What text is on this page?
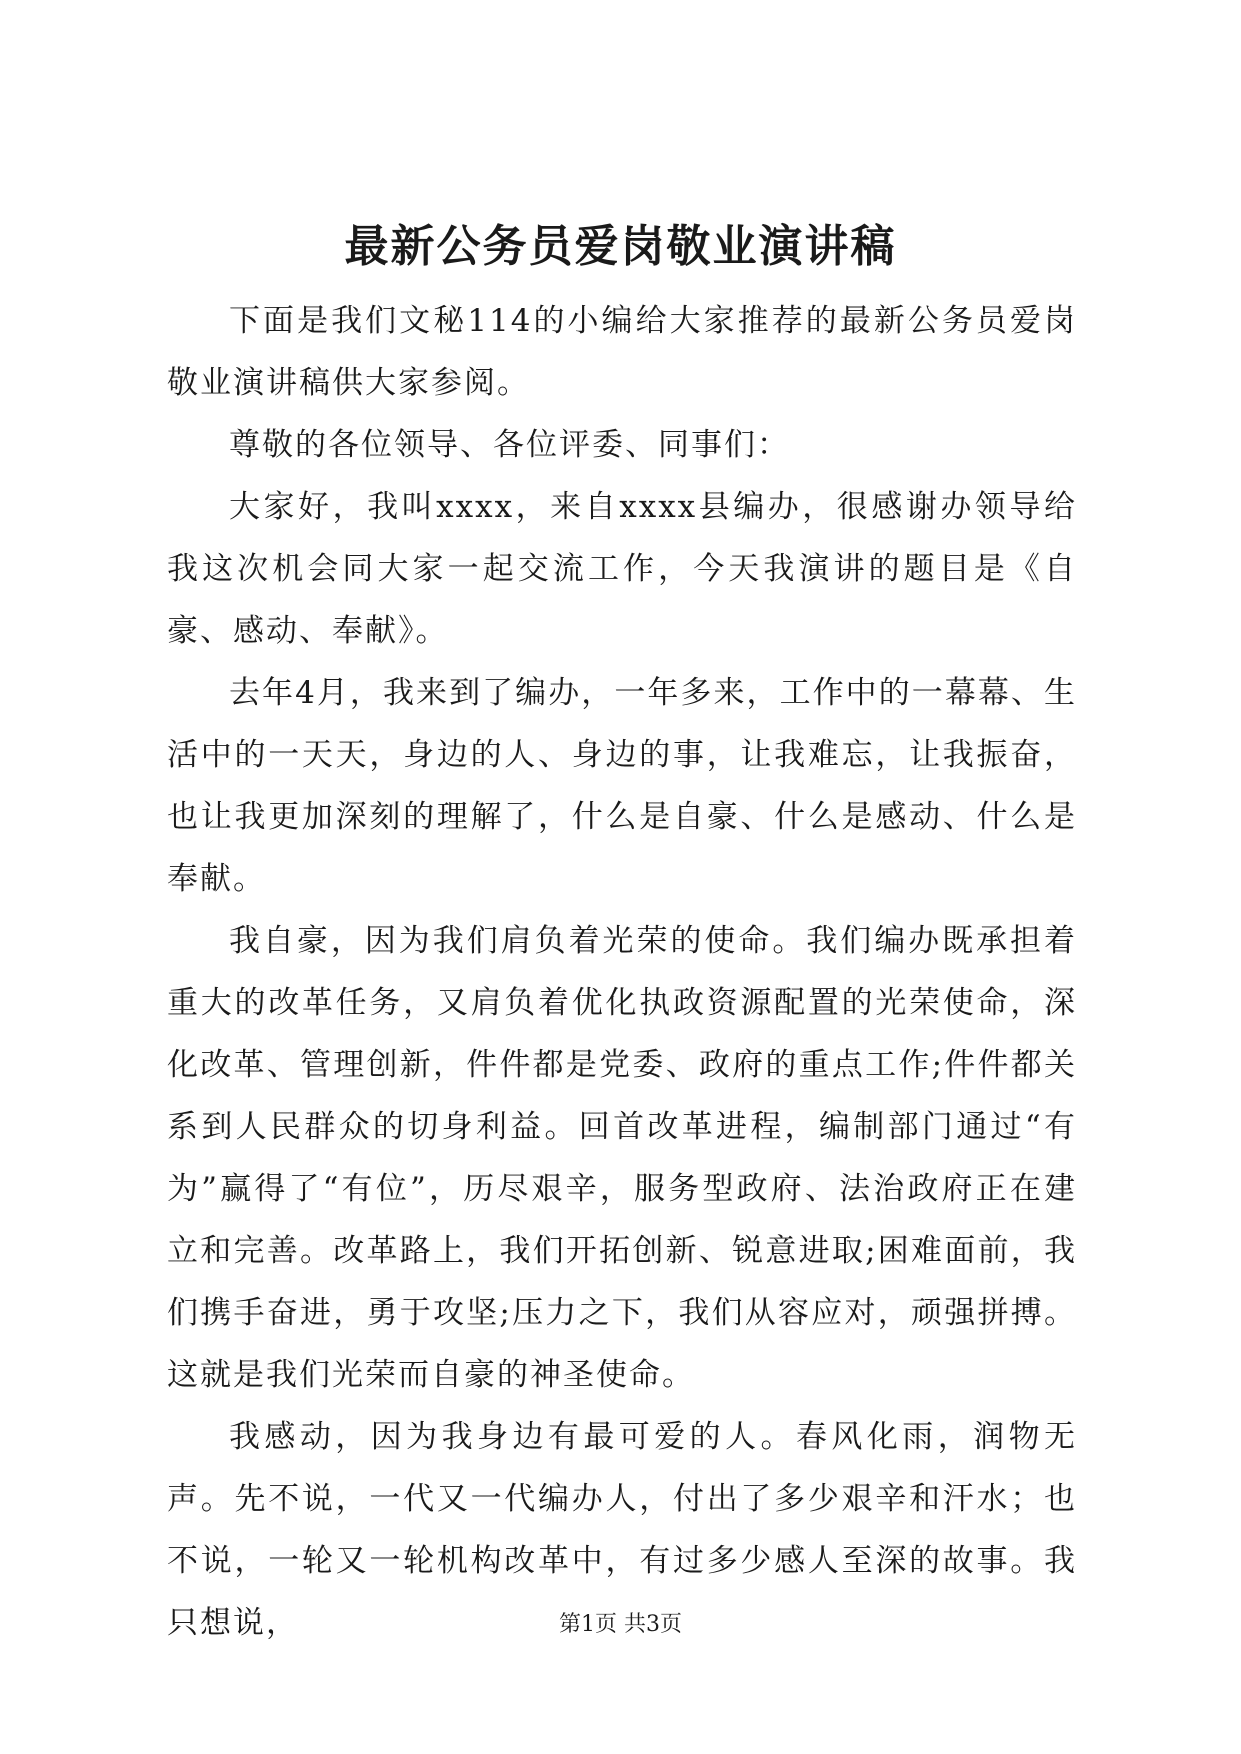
最新公务员爱岗敬业演讲稿

下面是我们文秘114的小编给大家推荐的最新公务员爱岗敬业演讲稿供大家参阅。

尊敬的各位领导、各位评委、同事们：

大家好，我叫xxxx，来自xxxx县编办，很感谢办领导给我这次机会同大家一起交流工作，今天我演讲的题目是《自豪、感动、奉献》。

去年4月，我来到了编办，一年多来，工作中的一幕幕、生活中的一天天，身边的人、身边的事，让我难忘，让我振奋，也让我更加深刻的理解了，什么是自豪、什么是感动、什么是奉献。

我自豪，因为我们肩负着光荣的使命。我们编办既承担着重大的改革任务，又肩负着优化执政资源配置的光荣使命，深化改革、管理创新，件件都是党委、政府的重点工作;件件都关系到人民群众的切身利益。回首改革进程，编制部门通过“有为”赢得了“有位”，历尽艰辛，服务型政府、法治政府正在建立和完善。改革路上，我们开拓创新、锐意进取;困难面前，我们携手奋进，勇于攻坚;压力之下，我们从容应对，顽强拼搏。这就是我们光荣而自豪的神圣使命。

我感动，因为我身边有最可爱的人。春风化雨，润物无声。先不说，一代又一代编办人，付出了多少艰辛和汗水；也不说，一轮又一轮机构改革中，有过多少感人至深的故事。我只想说，	第1页 共3页
